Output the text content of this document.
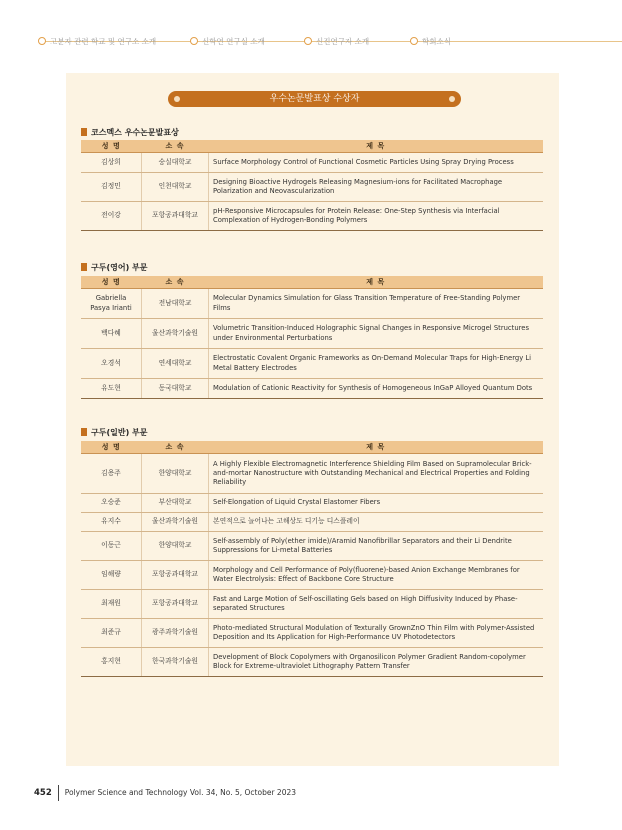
고분자 관련 학교 및 연구소 소개	신학연 연구실 소개	신진연구자 소개	학회소식
우수논문발표상 수상자
코스멕스 우수논문발표상
성 명	소 속	제 목
김상희	숭실대학교	Surface Morphology Control of Functional Cosmetic Particles Using Spray Drying Process
김정민	인천대학교	Designing Bioactive Hydrogels Releasing Magnesium-ions for Facilitated Macrophage Polarization and Neovascularization
전이강	포항공과대학교	pH-Responsive Microcapsules for Protein Release: One-Step Synthesis via Interfacial Complexation of Hydrogen-Bonding Polymers
구두(영어) 부문
성 명	소 속	제 목
Gabriella Pasya Irianti	전남대학교	Molecular Dynamics Simulation for Glass Transition Temperature of Free-Standing Polymer Films
백다혜	울산과학기술원	Volumetric Transition-Induced Holographic Signal Changes in Responsive Microgel Structures under Environmental Perturbations
오경석	연세대학교	Electrostatic Covalent Organic Frameworks as On-Demand Molecular Traps for High-Energy Li Metal Battery Electrodes
유도현	동국대학교	Modulation of Cationic Reactivity for Synthesis of Homogeneous InGaP Alloyed Quantum Dots
구두(일반) 부문
성 명	소 속	제 목
김용주	한양대학교	A Highly Flexible Electromagnetic Interference Shielding Film Based on Supramolecular Brick-and-mortar Nanostructure with Outstanding Mechanical and Electrical Properties and Folding Reliability
오승준	부산대학교	Self-Elongation of Liquid Crystal Elastomer Fibers
유지수	울산과학기술원	본연적으로 늘어나는 고해상도 디기능 디스플레이
이동근	한양대학교	Self-assembly of Poly(ether imide)/Aramid Nanofibrillar Separators and their Li Dendrite Suppressions for Li-metal Batteries
임해량	포항공과대학교	Morphology and Cell Performance of Poly(fluorene)-based Anion Exchange Membranes for Water Electrolysis: Effect of Backbone Core Structure
최재원	포항공과대학교	Fast and Large Motion of Self-oscillating Gels based on High Diffusivity Induced by Phase-separated Structures
최준규	광주과학기술원	Photo-mediated Structural Modulation of Texturally GrownZnO Thin Film with Polymer-Assisted Deposition and Its Application for High-Performance UV Photodetectors
홍지현	한국과학기술원	Development of Block Copolymers with Organosilicon Polymer Gradient Random-copolymer Block for Extreme-ultraviolet Lithography Pattern Transfer
452 Polymer Science and Technology Vol. 34, No. 5, October 2023
